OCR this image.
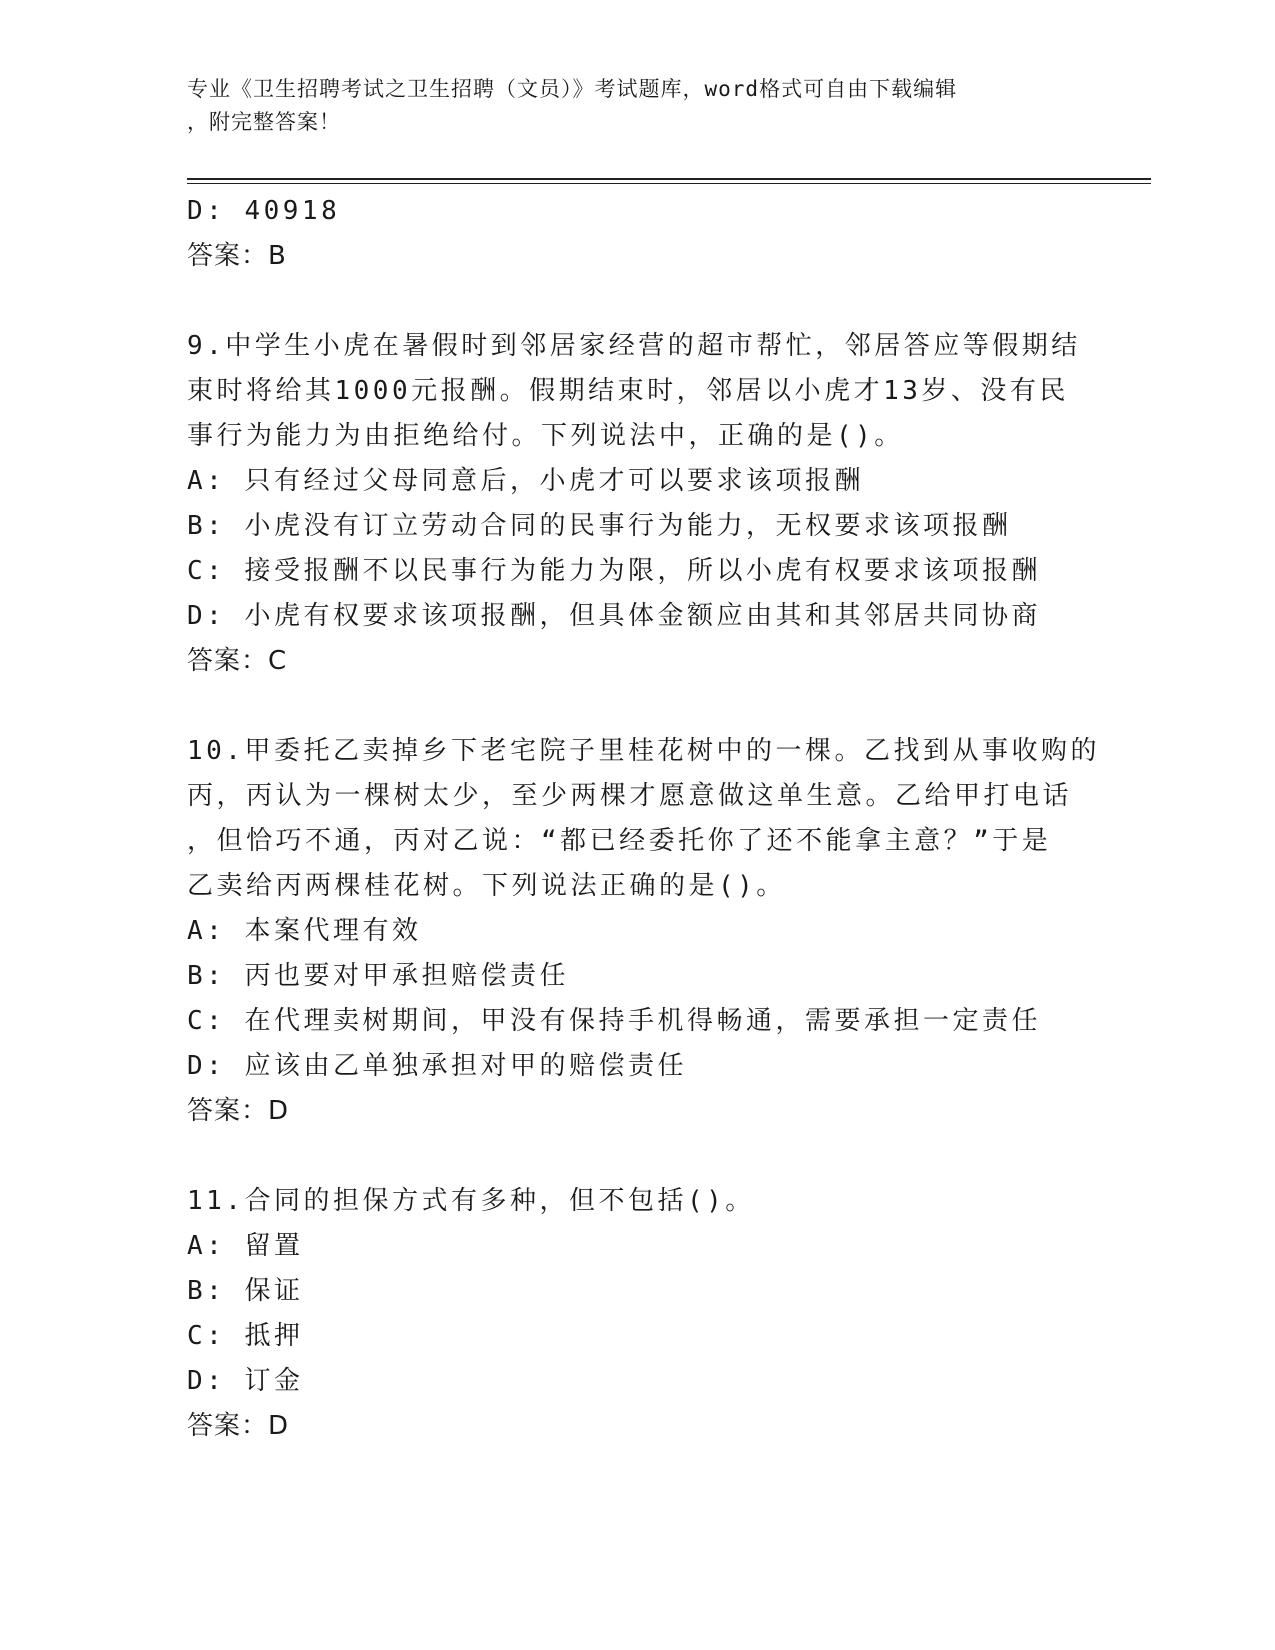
专业《卫生招聘考试之卫生招聘（文员）》考试题库，word格式可自由下载编辑
，附完整答案！
D: 40918
答案：B
9.中学生小虎在暑假时到邻居家经营的超市帮忙，邻居答应等假期结
束时将给其1000元报酬。假期结束时，邻居以小虎才13岁、没有民
事行为能力为由拒绝给付。下列说法中，正确的是()。
A: 只有经过父母同意后，小虎才可以要求该项报酬
B: 小虎没有订立劳动合同的民事行为能力，无权要求该项报酬
C: 接受报酬不以民事行为能力为限，所以小虎有权要求该项报酬
D: 小虎有权要求该项报酬，但具体金额应由其和其邻居共同协商
答案：C
10.甲委托乙卖掉乡下老宅院子里桂花树中的一棵。乙找到从事收购的
丙，丙认为一棵树太少，至少两棵才愿意做这单生意。乙给甲打电话
，但恰巧不通，丙对乙说：“都已经委托你了还不能拿主意？”于是
乙卖给丙两棵桂花树。下列说法正确的是()。
A: 本案代理有效
B: 丙也要对甲承担赔偿责任
C: 在代理卖树期间，甲没有保持手机得畅通，需要承担一定责任
D: 应该由乙单独承担对甲的赔偿责任
答案：D
11.合同的担保方式有多种，但不包括()。
A: 留置
B: 保证
C: 抵押
D: 订金
答案：D
